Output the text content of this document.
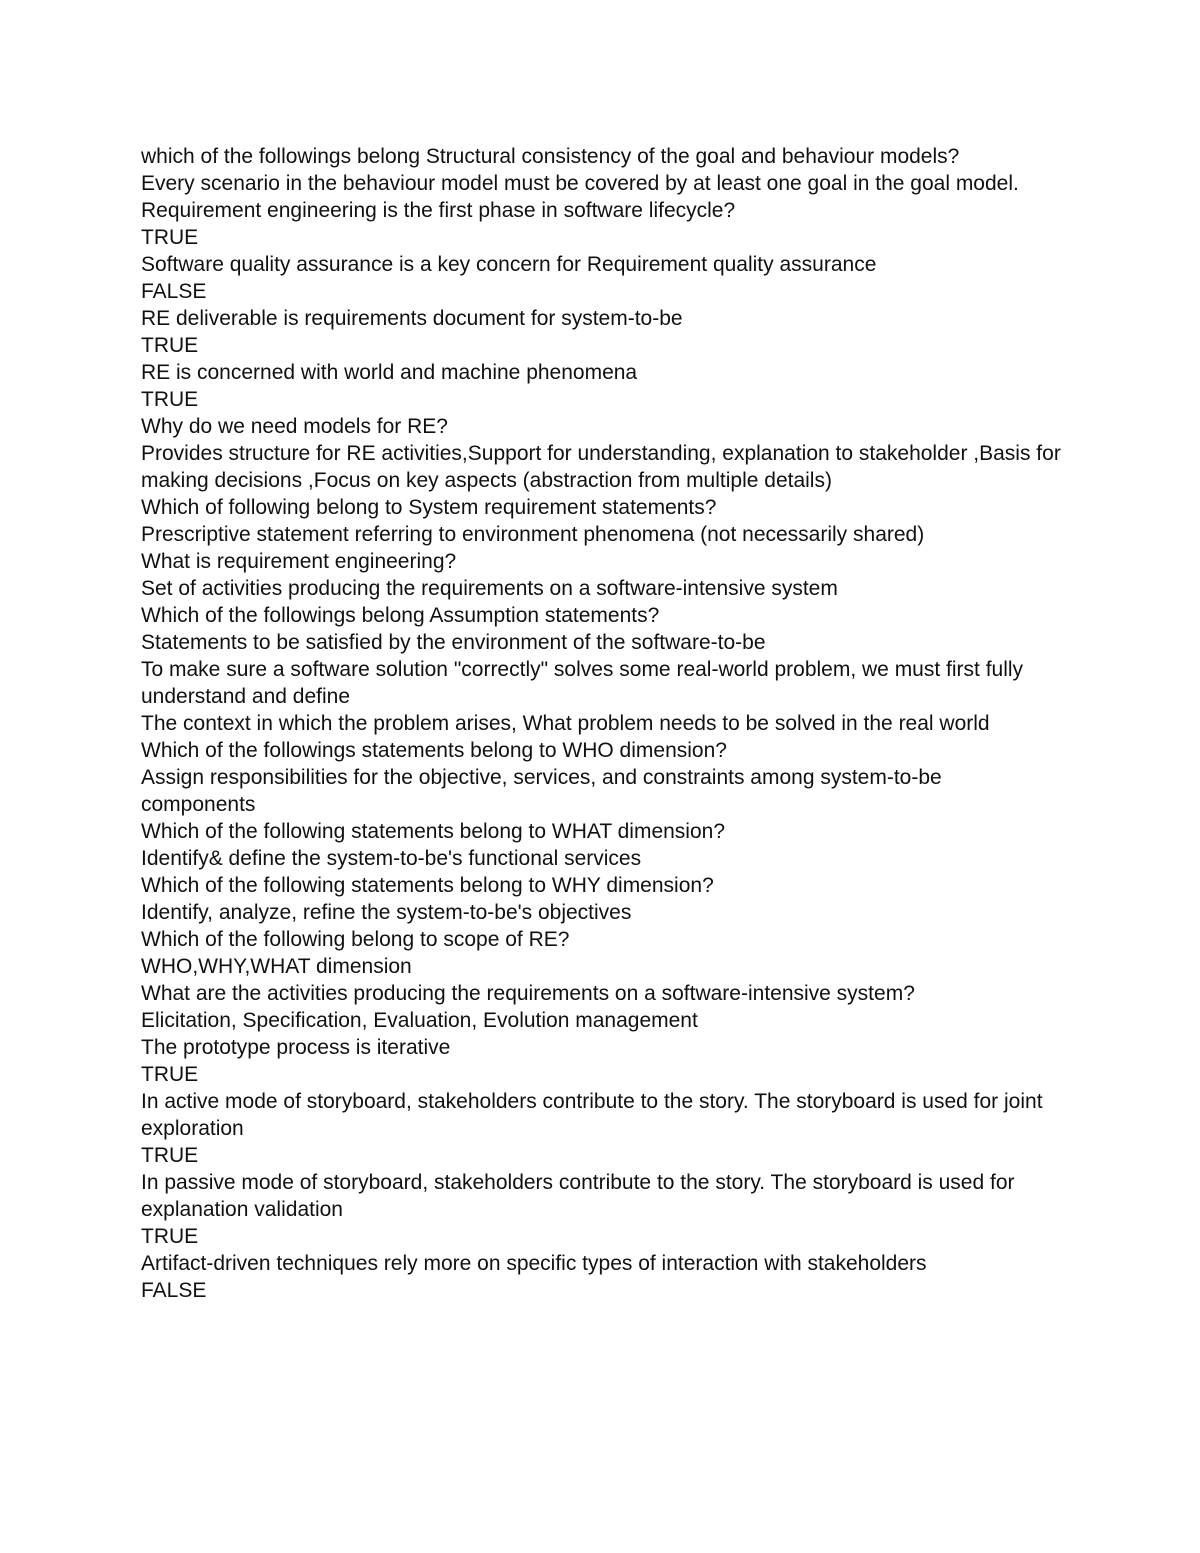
which of the followings belong Structural consistency of the goal and behaviour models?

Every scenario in the behaviour model must be covered by at least one goal in the goal model.

Requirement engineering is the first phase in software lifecycle?

TRUE

Software quality assurance is a key concern for Requirement quality assurance

FALSE

RE deliverable is requirements document for system-to-be

TRUE

RE is concerned with world and machine phenomena

TRUE

Why do we need models for RE?

Provides structure for RE activities,Support for understanding, explanation to stakeholder ,Basis for making decisions ,Focus on key aspects (abstraction from multiple details)

Which of following belong to System requirement statements?

Prescriptive statement referring to environment phenomena (not necessarily shared)

What is requirement engineering?

Set of activities producing the requirements on a software-intensive system

Which of the followings belong Assumption statements?

Statements to be satisfied by the environment of the software-to-be

To make sure a software solution "correctly" solves some real-world problem, we must first fully understand and define

The context in which the problem arises, What problem needs to be solved in the real world

Which of the followings statements belong to WHO dimension?

Assign responsibilities for the objective, services, and constraints among system-to-be components

Which of the following statements belong to WHAT dimension?

Identify& define the system-to-be's functional services

Which of the following statements belong to WHY dimension?

Identify, analyze, refine the system-to-be's objectives

Which of the following belong to scope of RE?

WHO,WHY,WHAT dimension

What are the activities producing the requirements on a software-intensive system?

Elicitation, Specification, Evaluation, Evolution management

The prototype process is iterative

TRUE

In active mode of storyboard, stakeholders contribute to the story. The storyboard is used for joint exploration

TRUE

In passive mode of storyboard, stakeholders contribute to the story. The storyboard is used for explanation validation

TRUE

Artifact-driven techniques rely more on specific types of interaction with stakeholders

FALSE
